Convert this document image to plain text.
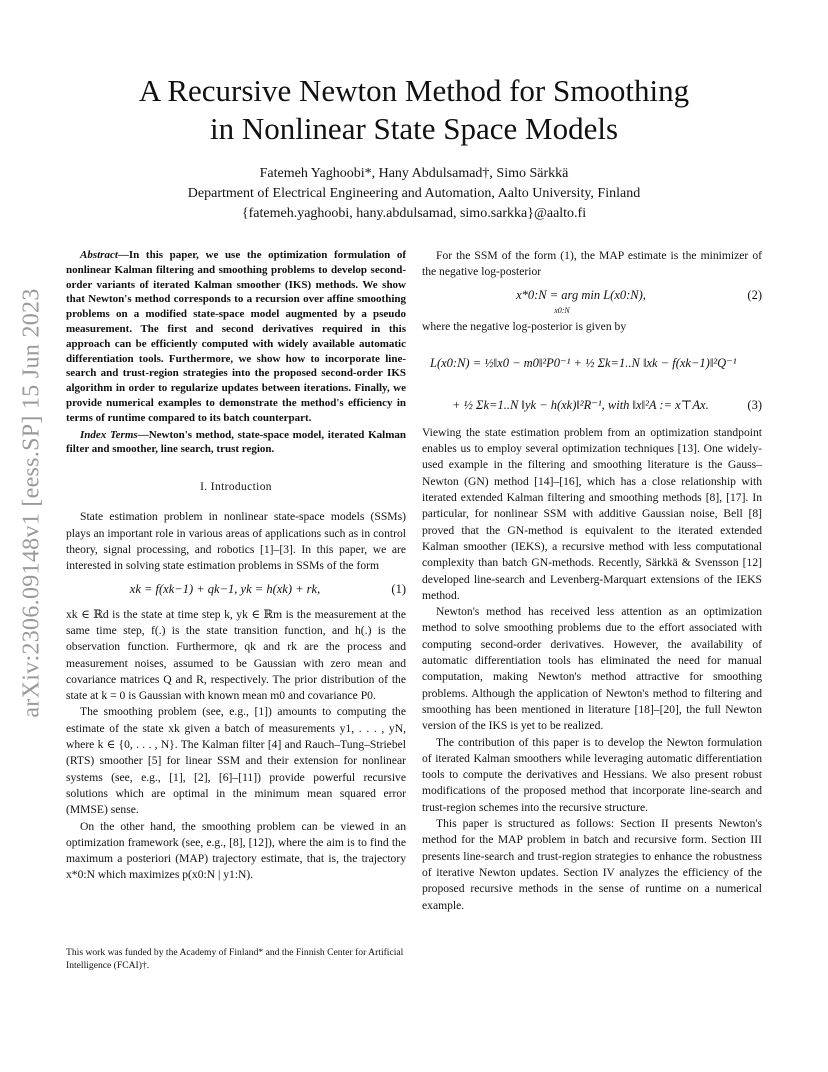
arXiv:2306.09148v1 [eess.SP] 15 Jun 2023
A Recursive Newton Method for Smoothing
in Nonlinear State Space Models
Fatemeh Yaghoobi*, Hany Abdulsamad†, Simo Särkkä
Department of Electrical Engineering and Automation, Aalto University, Finland
{fatemeh.yaghoobi, hany.abdulsamad, simo.sarkka}@aalto.fi

Abstract—In this paper, we use the optimization formulation of nonlinear Kalman filtering and smoothing problems to develop second-order variants of iterated Kalman smoother (IKS) methods. We show that Newton's method corresponds to a recursion over affine smoothing problems on a modified state-space model augmented by a pseudo measurement. The first and second derivatives required in this approach can be efficiently computed with widely available automatic differentiation tools. Furthermore, we show how to incorporate line-search and trust-region strategies into the proposed second-order IKS algorithm in order to regularize updates between iterations. Finally, we provide numerical examples to demonstrate the method's efficiency in terms of runtime compared to its batch counterpart.

Index Terms—Newton's method, state-space model, iterated Kalman filter and smoother, line search, trust region.

I. Introduction

State estimation problem in nonlinear state-space models (SSMs) plays an important role in various areas of applications such as in control theory, signal processing, and robotics [1]–[3]. In this paper, we are interested in solving state estimation problems in SSMs of the form

xk = f(xk−1) + qk−1, yk = h(xk) + rk,	(1)

xk ∈ ℝd is the state at time step k, yk ∈ ℝm is the measurement at the same time step, f(.) is the state transition function, and h(.) is the observation function. Furthermore, qk and rk are the process and measurement noises, assumed to be Gaussian with zero mean and covariance matrices Q and R, respectively. The prior distribution of the state at k = 0 is Gaussian with known mean m0 and covariance P0.

The smoothing problem (see, e.g., [1]) amounts to computing the estimate of the state xk given a batch of measurements y1, . . . , yN, where k ∈ {0, . . . , N}. The Kalman filter [4] and Rauch–Tung–Striebel (RTS) smoother [5] for linear SSM and their extension for nonlinear systems (see, e.g., [1], [2], [6]–[11]) provide powerful recursive solutions which are optimal in the minimum mean squared error (MMSE) sense.

On the other hand, the smoothing problem can be viewed in an optimization framework (see, e.g., [8], [12]), where the aim is to find the maximum a posteriori (MAP) trajectory estimate, that is, the trajectory x*0:N which maximizes p(x0:N | y1:N).

This work was funded by the Academy of Finland* and the Finnish Center for Artificial Intelligence (FCAI)†.

For the SSM of the form (1), the MAP estimate is the minimizer of the negative log-posterior

x*0:N = arg min L(x0:N),
x0:N
(2)

where the negative log-posterior is given by

L(x0:N) = ½‖x0 − m0‖²P0⁻¹ + ½ Σk=1..N ‖xk − f(xk−1)‖²Q⁻¹
+ ½ Σk=1..N ‖yk − h(xk)‖²R⁻¹, with ‖x‖²A := x⊤Ax.	(3)

Viewing the state estimation problem from an optimization standpoint enables us to employ several optimization techniques [13]. One widely-used example in the filtering and smoothing literature is the Gauss–Newton (GN) method [14]–[16], which has a close relationship with iterated extended Kalman filtering and smoothing methods [8], [17]. In particular, for nonlinear SSM with additive Gaussian noise, Bell [8] proved that the GN-method is equivalent to the iterated extended Kalman smoother (IEKS), a recursive method with less computational complexity than batch GN-methods. Recently, Särkkä & Svensson [12] developed line-search and Levenberg-Marquart extensions of the IEKS method.

Newton's method has received less attention as an optimization method to solve smoothing problems due to the effort associated with computing second-order derivatives. However, the availability of automatic differentiation tools has eliminated the need for manual computation, making Newton's method attractive for smoothing problems. Although the application of Newton's method to filtering and smoothing has been mentioned in literature [18]–[20], the full Newton version of the IKS is yet to be realized.

The contribution of this paper is to develop the Newton formulation of iterated Kalman smoothers while leveraging automatic differentiation tools to compute the derivatives and Hessians. We also present robust modifications of the proposed method that incorporate line-search and trust-region schemes into the recursive structure.

This paper is structured as follows: Section II presents Newton's method for the MAP problem in batch and recursive form. Section III presents line-search and trust-region strategies to enhance the robustness of iterative Newton updates. Section IV analyzes the efficiency of the proposed recursive methods in the sense of runtime on a numerical example.
